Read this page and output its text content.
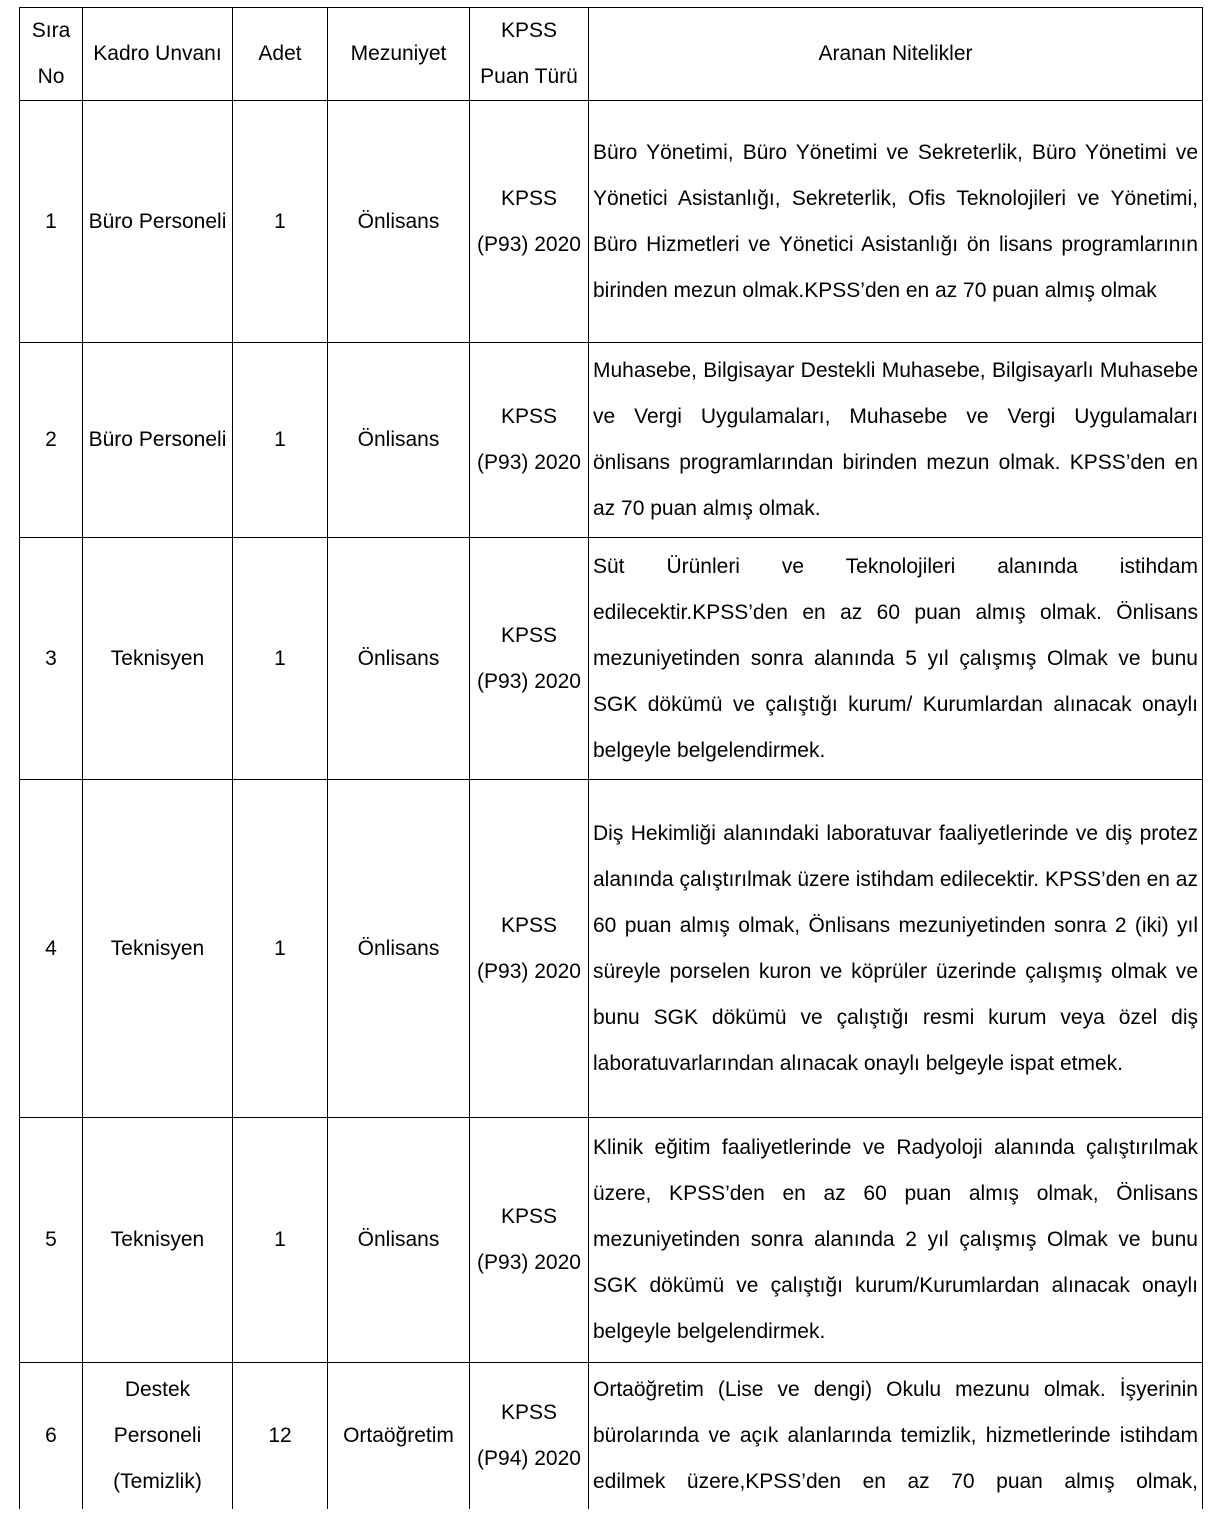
Sıra No	Kadro Unvanı	Adet	Mezuniyet	KPSS Puan Türü	Aranan Nitelikler
1	Büro Personeli	1	Önlisans	KPSS (P93) 2020	Büro Yönetimi, Büro Yönetimi ve Sekreterlik, Büro Yönetimi ve Yönetici Asistanlığı, Sekreterlik, Ofis Teknolojileri ve Yönetimi, Büro Hizmetleri ve Yönetici Asistanlığı ön lisans programlarının birinden mezun olmak.KPSS’den en az 70 puan almış olmak
2	Büro Personeli	1	Önlisans	KPSS (P93) 2020	Muhasebe, Bilgisayar Destekli Muhasebe, Bilgisayarlı Muhasebe ve Vergi Uygulamaları, Muhasebe ve Vergi Uygulamaları önlisans programlarından birinden mezun olmak. KPSS’den en az 70 puan almış olmak.
3	Teknisyen	1	Önlisans	KPSS (P93) 2020	Süt Ürünleri ve Teknolojileri alanında istihdam edilecektir.KPSS’den en az 60 puan almış olmak. Önlisans mezuniyetinden sonra alanında 5 yıl çalışmış Olmak ve bunu SGK dökümü ve çalıştığı kurum/ Kurumlardan alınacak onaylı belgeyle belgelendirmek.
4	Teknisyen	1	Önlisans	KPSS (P93) 2020	Diş Hekimliği alanındaki laboratuvar faaliyetlerinde ve diş protez alanında çalıştırılmak üzere istihdam edilecektir. KPSS’den en az 60 puan almış olmak, Önlisans mezuniyetinden sonra 2 (iki) yıl süreyle porselen kuron ve köprüler üzerinde çalışmış olmak ve bunu SGK dökümü ve çalıştığı resmi kurum veya özel diş laboratuvarlarından alınacak onaylı belgeyle ispat etmek.
5	Teknisyen	1	Önlisans	KPSS (P93) 2020	Klinik eğitim faaliyetlerinde ve Radyoloji alanında çalıştırılmak üzere, KPSS’den en az 60 puan almış olmak, Önlisans mezuniyetinden sonra alanında 2 yıl çalışmış Olmak ve bunu SGK dökümü ve çalıştığı kurum/Kurumlardan alınacak onaylı belgeyle belgelendirmek.
6	Destek Personeli (Temizlik)	12	Ortaöğretim	KPSS (P94) 2020	Ortaöğretim (Lise ve dengi) Okulu mezunu olmak. İşyerinin bürolarında ve açık alanlarında temizlik, hizmetlerinde istihdam edilmek üzere,KPSS’den en az 70 puan almış olmak,
